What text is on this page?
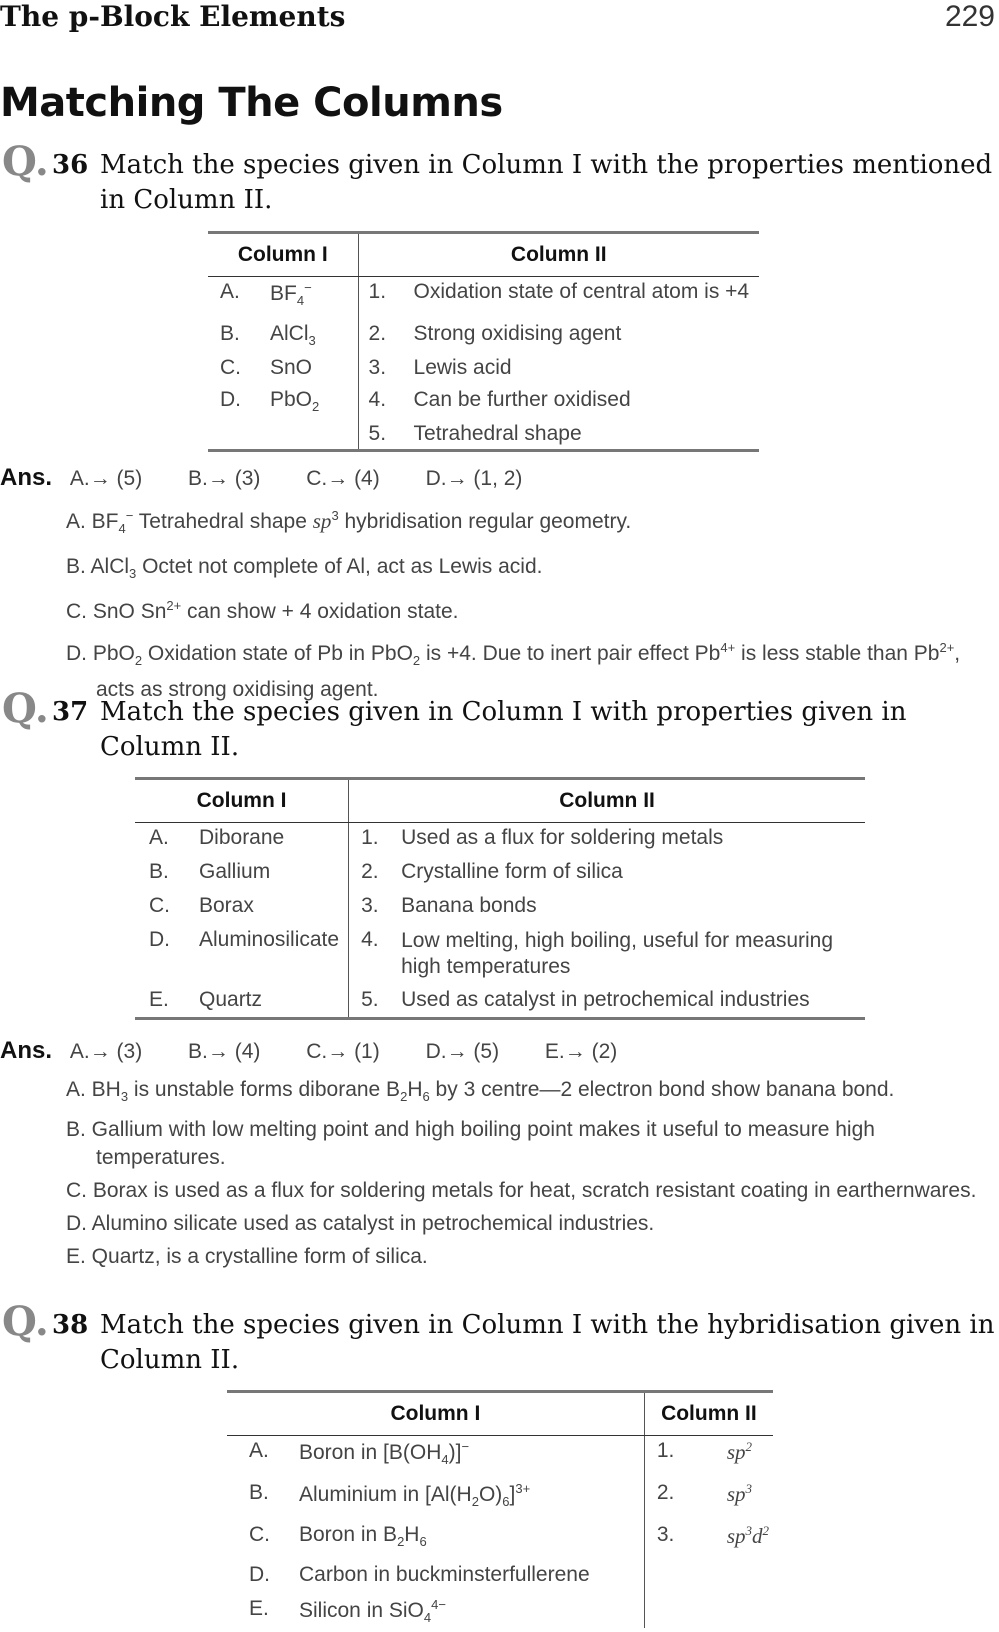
The p-Block Elements	229
Matching The Columns
Q. 36 Match the species given in Column I with the properties mentioned in Column II.
Column I		Column II	
A.	$BF_4^-$	1.	Oxidation state of central atom is +4
B.	AlCl$_3$	2.	Strong oxidising agent
C.	SnO	3.	Lewis acid
D.	PbO$_2$	4.	Can be further oxidised
		5.	Tetrahedral shape
Ans. A.→ (5) B.→ (3) C.→ (4) D.→ (1, 2)
A. $BF_4^-$ Tetrahedral shape $sp^3$ hybridisation regular geometry.
B. AlCl$_3$ Octet not complete of Al, act as Lewis acid.
C. SnO $Sn^{2+}$ can show + 4 oxidation state.
D. PbO$_2$ Oxidation state of Pb in PbO$_2$ is +4. Due to inert pair effect $Pb^{4+}$ is less stable than $Pb^{2+}$, acts as strong oxidising agent.
Q. 37 Match the species given in Column I with properties given in Column II.
Column I		Column II	
A.	Diborane	1.	Used as a flux for soldering metals
B.	Gallium	2.	Crystalline form of silica
C.	Borax	3.	Banana bonds
D.	Aluminosilicate	4.	Low melting, high boiling, useful for measuring high temperatures
E.	Quartz	5.	Used as catalyst in petrochemical industries
Ans. A.→ (3) B.→ (4) C.→ (1) D.→ (5) E.→ (2)
A. $BH_3$ is unstable forms diborane $B_2H_6$ by 3 centre—2 electron bond show banana bond.
B. Gallium with low melting point and high boiling point makes it useful to measure high temperatures.
C. Borax is used as a flux for soldering metals for heat, scratch resistant coating in earthernwares.
D. Alumino silicate used as catalyst in petrochemical industries.
E. Quartz, is a crystalline form of silica.
Q. 38 Match the species given in Column I with the hybridisation given in Column II.
Column I		Column II	
A.	Boron in $[B(OH_4)]^-$	1.	$sp^2$
B.	Aluminium in $[Al(H_2O)_6]^{3+}$	2.	$sp^3$
C.	Boron in $B_2H_6$	3.	$sp^3d^2$
D.	Carbon in buckminsterfullerene		
E.	Silicon in SiO$_4^{4-}$		
